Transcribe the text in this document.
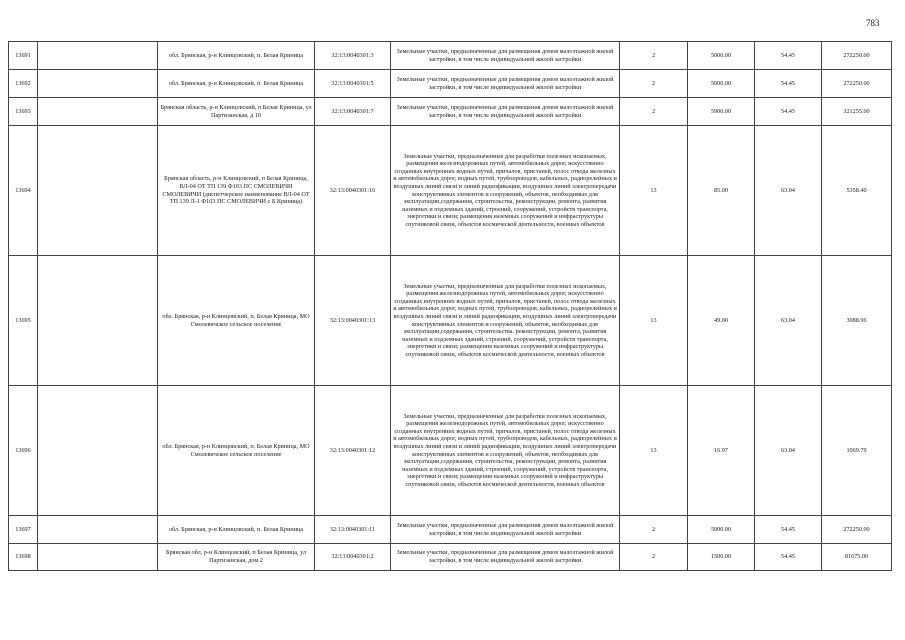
783
13691		обл. Брянская, р-н Клинцовский, п. Белая Криница	32:13:0040301:3	Земельные участки, предназначенные для размещения домов малоэтажной жилой застройки, в том числе индивидуальной жилой застройки	2	5000.00	54.45	272250.00
13692		обл. Брянская, р-н Клинцовский, п. Белая Криница	32:13:0040301:5	Земельные участки, предназначенные для размещения домов малоэтажной жилой застройки, в том числе индивидуальной жилой застройки	2	5000.00	54.45	272250.00
13693		Брянская область, р-н Клинцовский, п Белая Криница, ул Партизанская, д 10	32:13:0040301:7	Земельные участки, предназначенные для размещения домов малоэтажной жилой застройки, в том числе индивидуальной жилой застройки	2	5900.00	54.45	321255.00
13694		Брянская область, р-н Клинцовский, п Белая Криница, ВЛ-04 ОТ ТП 139 Ф103 ПС СМОЛЕВИЧИ СМОЛЕВИЧИ (диспетчерское наименование ВЛ-04 ОТ ТП 139 Л-1 Ф103 ПС СМОЛЕВИЧИ с Б Криница)	32:13:0040301:16	Земельные участки, предназначенные для разработки полезных ископаемых, размещения железнодорожных путей, автомобильных дорог, искусственно созданных внутренних водных путей, причалов, пристаней, полос отвода железных и автомобильных дорог, водных путей, трубопроводов, кабельных, радиорелейных и воздушных линий связи и линий радиофикации, воздушных линий электропередачи конструктивных элементов и сооружений, объектов, необходимых для эксплуатации,содержания, строительства, реконструкции, ремонта, развития наземных и подземных зданий, строений, сооружений, устройств транспорта, энергетики и связи; размещения наземных сооружений и инфраструктуры спутниковой связи, объектов космической деятельности, военных объектов	13	85.00	63.04	5358.40
13695		обл. Брянская, р-н Клинцовский, п. Белая Криница, МО Смолевичское сельское поселение	32:13:0040301:13	Земельные участки, предназначенные для разработки полезных ископаемых, размещения железнодорожных путей, автомобильных дорог, искусственно созданных внутренних водных путей, причалов, пристаней, полос отвода железных и автомобильных дорог, водных путей, трубопроводов, кабельных, радиорелейных и воздушных линий связи и линий радиофикации, воздушных линий электропередачи конструктивных элементов и сооружений, объектов, необходимых для эксплуатации,содержания, строительства, реконструкции, ремонта, развития наземных и подземных зданий, строений, сооружений, устройств транспорта, энергетики и связи; размещения наземных сооружений и инфраструктуры спутниковой связи, объектов космической деятельности, военных объектов	13	49.00	63.04	3088.96
13696		обл. Брянская, р-н Клинцовский, п. Белая Криница, МО Смолевичское сельское поселение	32:13:0040301:12	Земельные участки, предназначенные для разработки полезных ископаемых, размещения железнодорожных путей, автомобильных дорог, искусственно созданных внутренних водных путей, причалов, пристаней, полос отвода железных и автомобильных дорог, водных путей, трубопроводов, кабельных, радиорелейных и воздушных линий связи и линий радиофикации, воздушных линий электропередачи конструктивных элементов и сооружений, объектов, необходимых для эксплуатации,содержания, строительства, реконструкции, ремонта, развития наземных и подземных зданий, строений, сооружений, устройств транспорта, энергетики и связи; размещения наземных сооружений и инфраструктуры спутниковой связи, объектов космической деятельности, военных объектов	13	16.97	63.04	1069.79
13697		обл. Брянская, р-н Клинцовский, п. Белая Криница	32:13:0040301:11	Земельные участки, предназначенные для размещения домов малоэтажной жилой застройки, в том числе индивидуальной жилой застройки	2	5000.00	54.45	272250.00
13698		Брянская обл, р-н Клинцовский, п Белая Криница, ул Партизанская, дом 2	32:13:0040301:2	Земельные участки, предназначенные для размещения домов малоэтажной жилой застройки, в том числе индивидуальной жилой застройки	2	1500.00	54.45	81675.00
